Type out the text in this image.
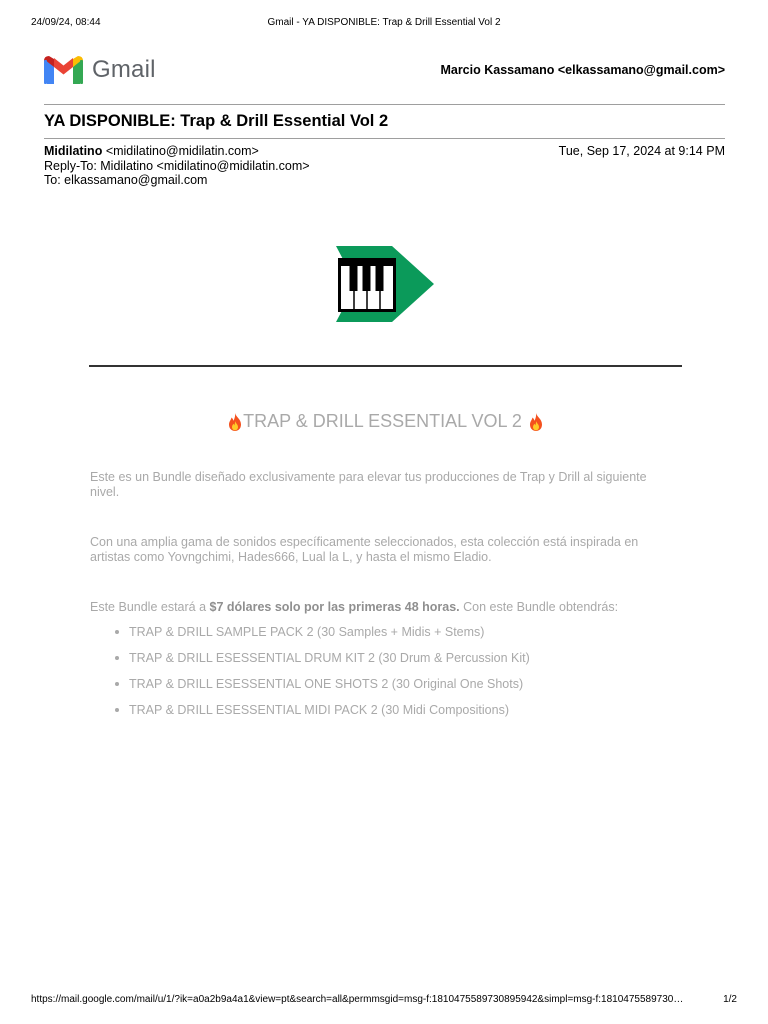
24/09/24, 08:44	Gmail - YA DISPONIBLE: Trap & Drill Essential Vol 2
Gmail	Marcio Kassamano <elkassamano@gmail.com>
YA DISPONIBLE: Trap & Drill Essential Vol 2
Midilatino <midilatino@midilatin.com>
Reply-To: Midilatino <midilatino@midilatin.com>
To: elkassamano@gmail.com
Tue, Sep 17, 2024 at 9:14 PM
TRAP & DRILL ESSENTIAL VOL 2
Este es un Bundle diseñado exclusivamente para elevar tus producciones de Trap y Drill al siguiente nivel.
Con una amplia gama de sonidos específicamente seleccionados, esta colección está inspirada en artistas como Yovngchimi, Hades666, Lual la L, y hasta el mismo Eladio.
Este Bundle estará a $7 dólares solo por las primeras 48 horas. Con este Bundle obtendrás:
TRAP & DRILL SAMPLE PACK 2 (30 Samples + Midis + Stems)
TRAP & DRILL ESESSENTIAL DRUM KIT 2 (30 Drum & Percussion Kit)
TRAP & DRILL ESESSENTIAL ONE SHOTS 2 (30 Original One Shots)
TRAP & DRILL ESESSENTIAL MIDI PACK 2 (30 Midi Compositions)
https://mail.google.com/mail/u/1/?ik=a0a2b9a4a1&view=pt&search=all&permmsgid=msg-f:1810475589730895942&simpl=msg-f:1810475589730…	1/2
